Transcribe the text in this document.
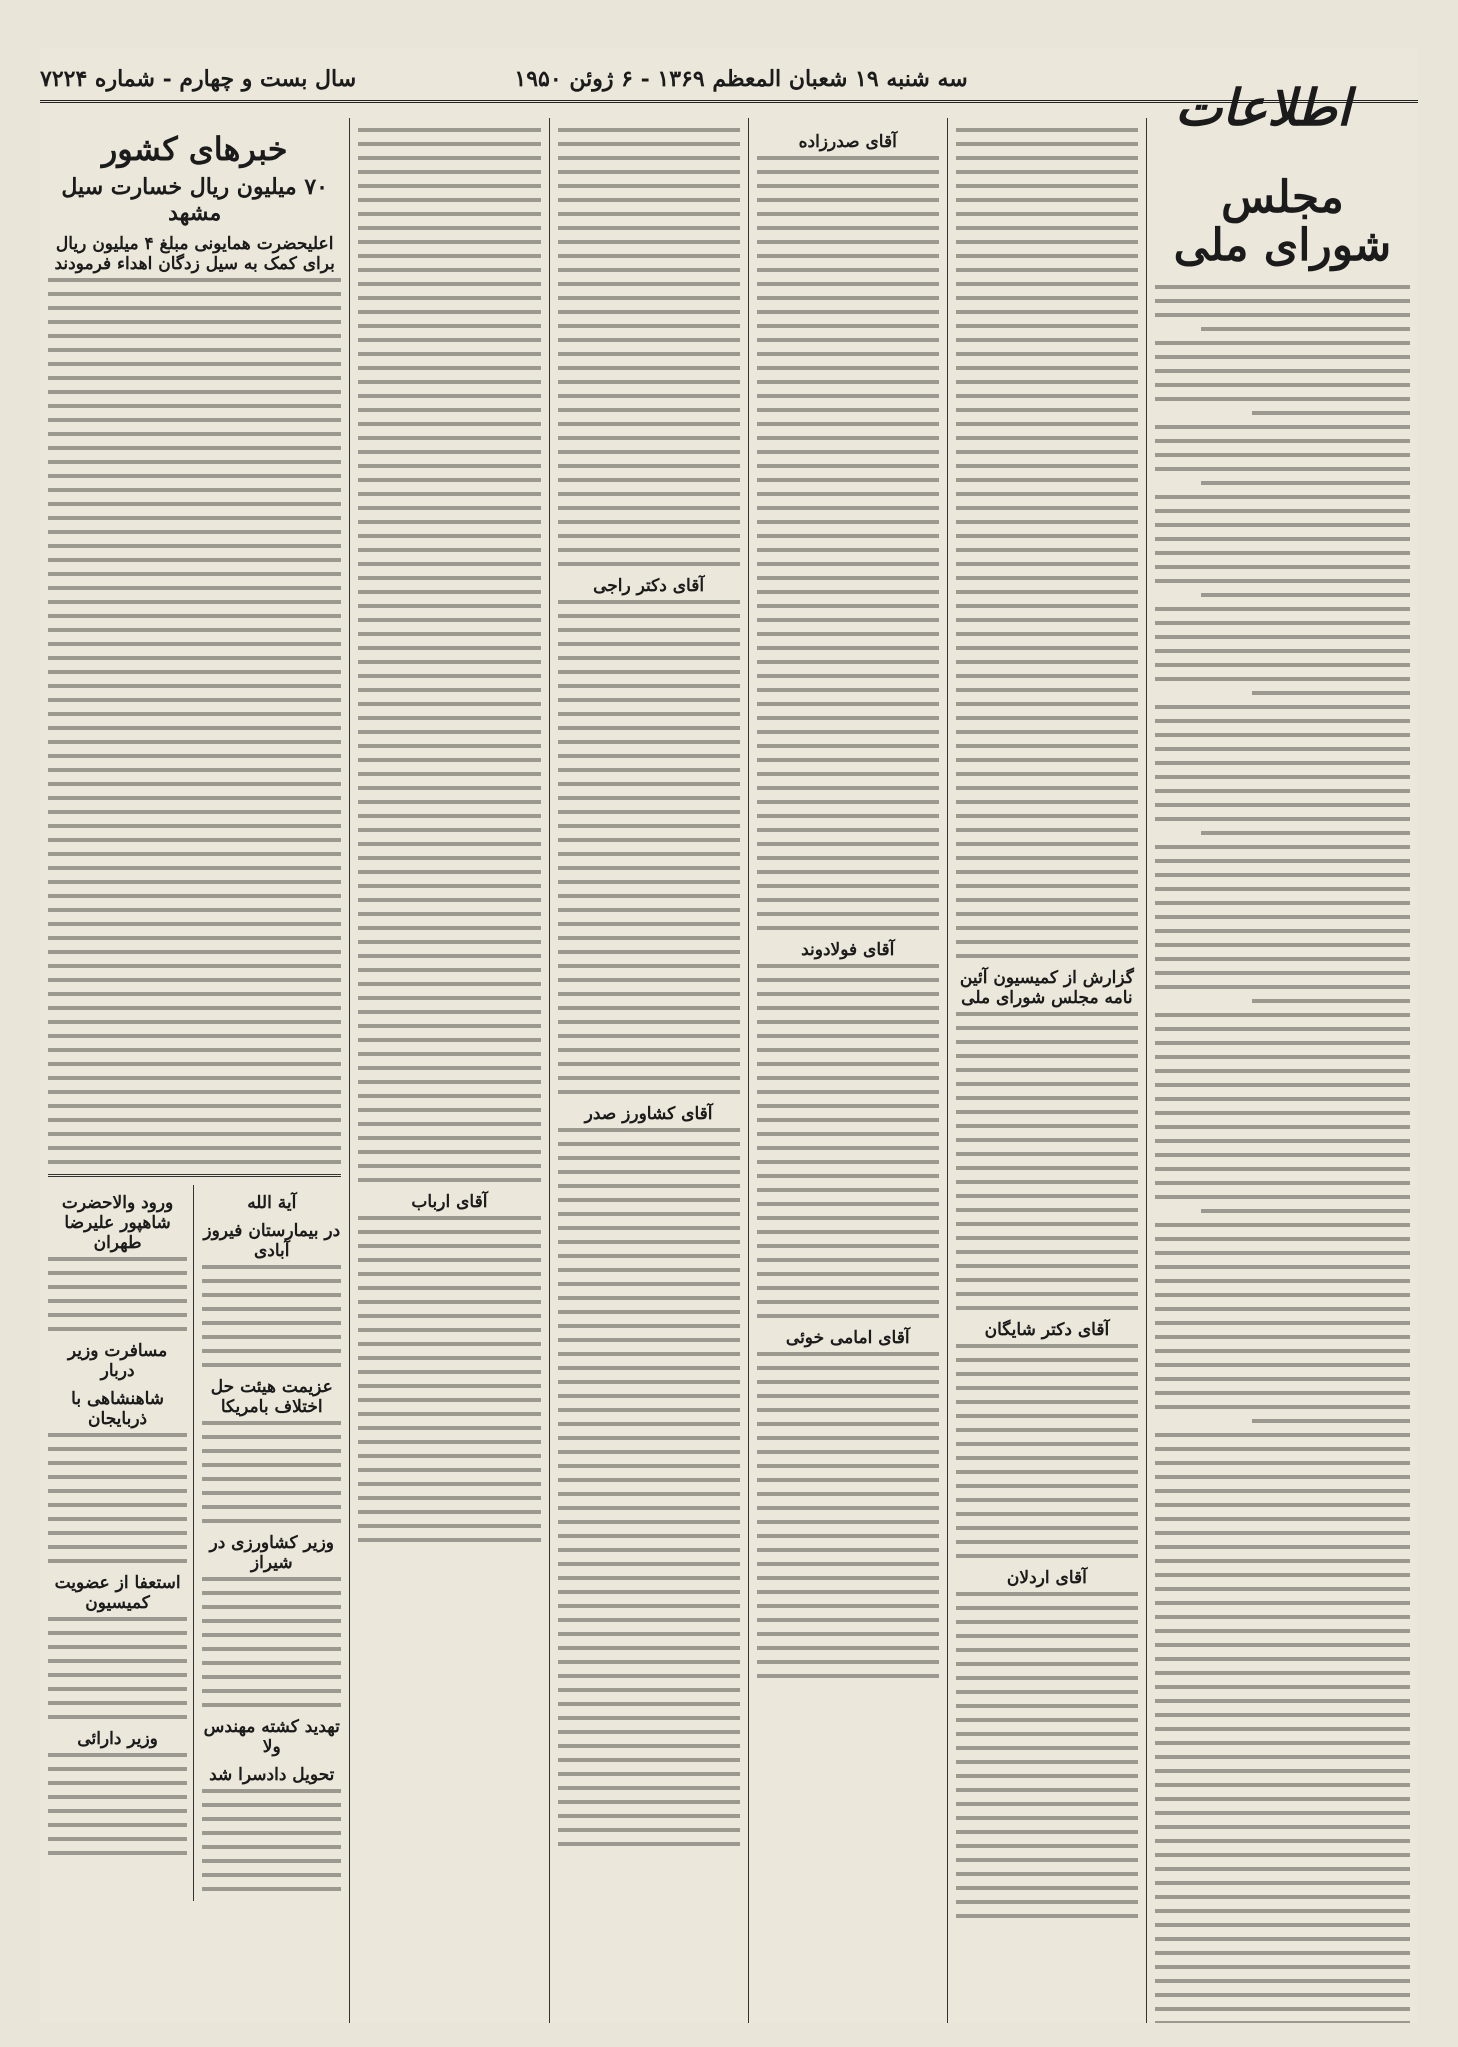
سه شنبه ۱۹ شعبان المعظم ۱۳۶۹ - ۶ ژوئن ۱۹۵۰
سال بست و چهارم - شماره ۷۲۲۴	اطلاعات
مجلس شورای ملی
گزارش از کمیسیون آئین نامه مجلس شورای ملی
آقای دکتر شایگان
آقای اردلان
آقای صدرزاده
آقای فولادوند
آقای امامی خوئی
آقای دکتر راجی
آقای کشاورز صدر
آقای ارباب
خبرهای کشور
۷۰ میلیون ریال خسارت سیل مشهد
اعلیحضرت همایونی مبلغ ۴ میلیون ریال برای کمک به سیل زدگان اهداء فرمودند
آیة الله
در بیمارستان فیروز آبادی
عزیمت هیئت حل اختلاف بامریکا
وزیر کشاورزی در شیراز
تهدید کشته مهندس ولا
تحویل دادسرا شد
ورود والاحضرت شاهپور علیرضا طهران
مسافرت وزیر دربار
شاهنشاهی با ذربایجان
استعفا از عضویت کمیسیون
وزیر دارائی
